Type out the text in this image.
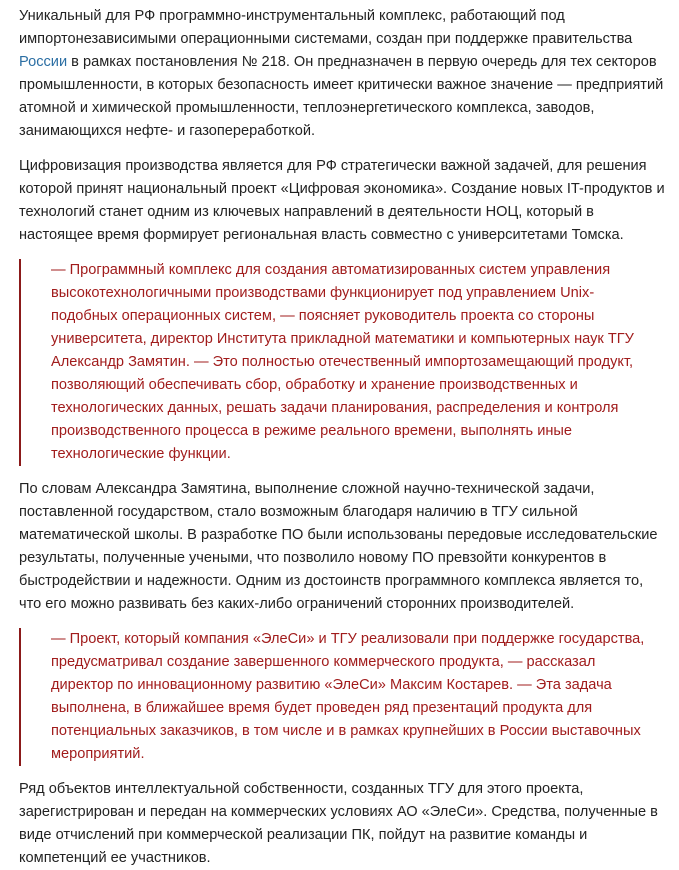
Уникальный для РФ программно-инструментальный комплекс, работающий под импортонезависимыми операционными системами, создан при поддержке правительства России в рамках постановления № 218. Он предназначен в первую очередь для тех секторов промышленности, в которых безопасность имеет критически важное значение — предприятий атомной и химической промышленности, теплоэнергетического комплекса, заводов, занимающихся нефте- и газопереработкой.

Цифровизация производства является для РФ стратегически важной задачей, для решения которой принят национальный проект «Цифровая экономика». Создание новых IT-продуктов и технологий станет одним из ключевых направлений в деятельности НОЦ, который в настоящее время формирует региональная власть совместно с университетами Томска.

— Программный комплекс для создания автоматизированных систем управления высокотехнологичными производствами функционирует под управлением Unix-подобных операционных систем, — поясняет руководитель проекта со стороны университета, директор Института прикладной математики и компьютерных наук ТГУ Александр Замятин. — Это полностью отечественный импортозамещающий продукт, позволяющий обеспечивать сбор, обработку и хранение производственных и технологических данных, решать задачи планирования, распределения и контроля производственного процесса в режиме реального времени, выполнять иные технологические функции.

По словам Александра Замятина, выполнение сложной научно-технической задачи, поставленной государством, стало возможным благодаря наличию в ТГУ сильной математической школы. В разработке ПО были использованы передовые исследовательские результаты, полученные учеными, что позволило новому ПО превзойти конкурентов в быстродействии и надежности. Одним из достоинств программного комплекса является то, что его можно развивать без каких-либо ограничений сторонних производителей.

— Проект, который компания «ЭлеСи» и ТГУ реализовали при поддержке государства, предусматривал создание завершенного коммерческого продукта, — рассказал директор по инновационному развитию «ЭлеСи» Максим Костарев. — Эта задача выполнена, в ближайшее время будет проведен ряд презентаций продукта для потенциальных заказчиков, в том числе и в рамках крупнейших в России выставочных мероприятий.

Ряд объектов интеллектуальной собственности, созданных ТГУ для этого проекта, зарегистрирован и передан на коммерческих условиях АО «ЭлеСи». Средства, полученные в виде отчислений при коммерческой реализации ПК, пойдут на развитие команды и компетенций ее участников.
